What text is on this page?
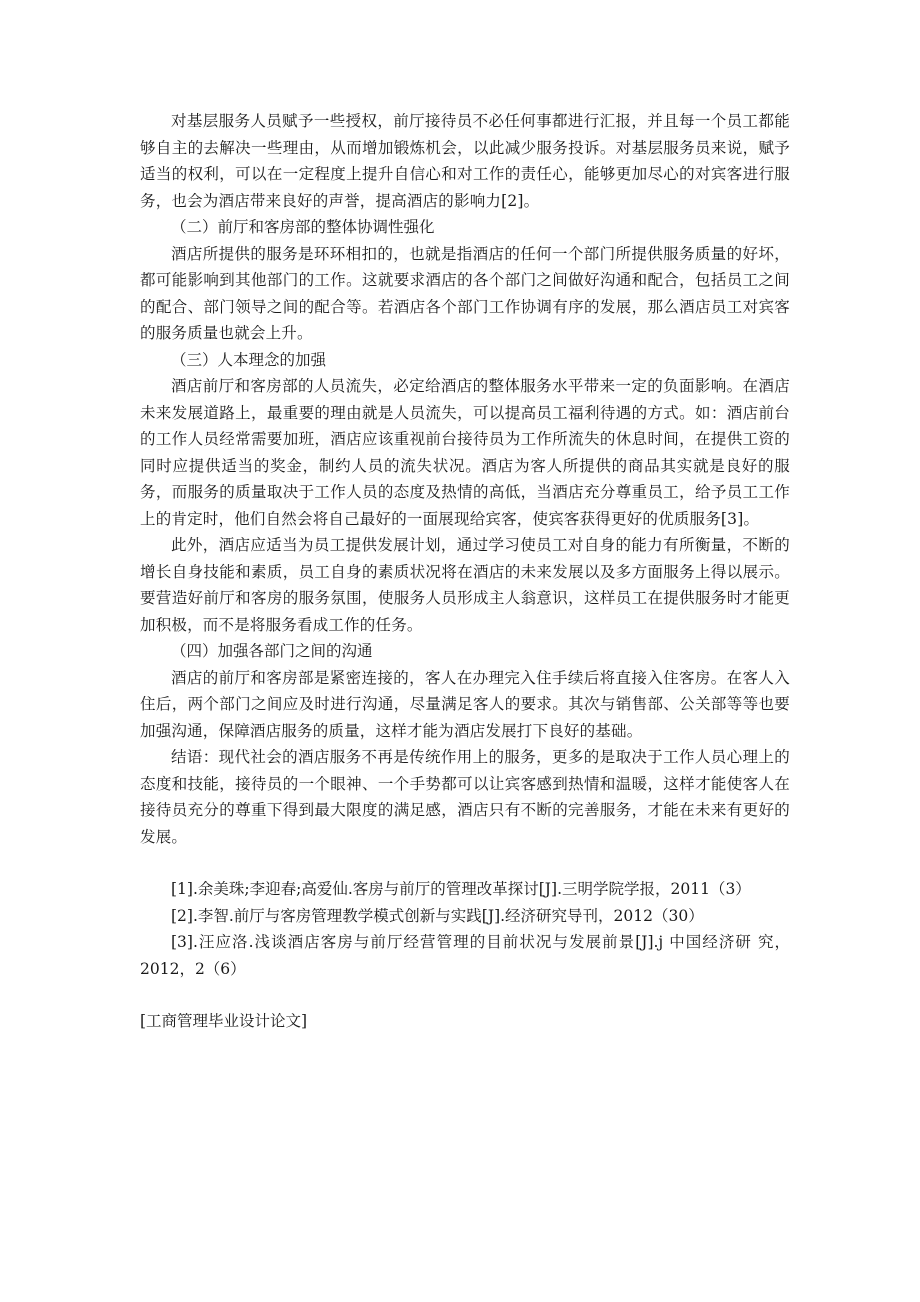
对基层服务人员赋予一些授权，前厅接待员不必任何事都进行汇报，并且每一个员工都能够自主的去解决一些理由，从而增加锻炼机会，以此减少服务投诉。对基层服务员来说，赋予适当的权利，可以在一定程度上提升自信心和对工作的责任心，能够更加尽心的对宾客进行服务，也会为酒店带来良好的声誉，提高酒店的影响力[2]。

（二）前厅和客房部的整体协调性强化

酒店所提供的服务是环环相扣的，也就是指酒店的任何一个部门所提供服务质量的好坏，都可能影响到其他部门的工作。这就要求酒店的各个部门之间做好沟通和配合，包括员工之间的配合、部门领导之间的配合等。若酒店各个部门工作协调有序的发展，那么酒店员工对宾客的服务质量也就会上升。

（三）人本理念的加强

酒店前厅和客房部的人员流失，必定给酒店的整体服务水平带来一定的负面影响。在酒店未来发展道路上，最重要的理由就是人员流失，可以提高员工福利待遇的方式。如：酒店前台的工作人员经常需要加班，酒店应该重视前台接待员为工作所流失的休息时间，在提供工资的同时应提供适当的奖金，制约人员的流失状况。酒店为客人所提供的商品其实就是良好的服务，而服务的质量取决于工作人员的态度及热情的高低，当酒店充分尊重员工，给予员工工作上的肯定时，他们自然会将自己最好的一面展现给宾客，使宾客获得更好的优质服务[3]。

此外，酒店应适当为员工提供发展计划，通过学习使员工对自身的能力有所衡量，不断的增长自身技能和素质，员工自身的素质状况将在酒店的未来发展以及多方面服务上得以展示。要营造好前厅和客房的服务氛围，使服务人员形成主人翁意识，这样员工在提供服务时才能更加积极，而不是将服务看成工作的任务。

（四）加强各部门之间的沟通

酒店的前厅和客房部是紧密连接的，客人在办理完入住手续后将直接入住客房。在客人入住后，两个部门之间应及时进行沟通，尽量满足客人的要求。其次与销售部、公关部等等也要加强沟通，保障酒店服务的质量，这样才能为酒店发展打下良好的基础。

结语：现代社会的酒店服务不再是传统作用上的服务，更多的是取决于工作人员心理上的态度和技能，接待员的一个眼神、一个手势都可以让宾客感到热情和温暖，这样才能使客人在接待员充分的尊重下得到最大限度的满足感，酒店只有不断的完善服务，才能在未来有更好的发展。

[1].余美珠;李迎春;高爱仙.客房与前厅的管理改革探讨[J].三明学院学报，2011（3）

[2].李智.前厅与客房管理教学模式创新与实践[J].经济研究导刊，2012（30）

[3].汪应洛.浅谈酒店客房与前厅经营管理的目前状况与发展前景[J].j 中国经济研 究，2012，2（6）

[工商管理毕业设计论文]
